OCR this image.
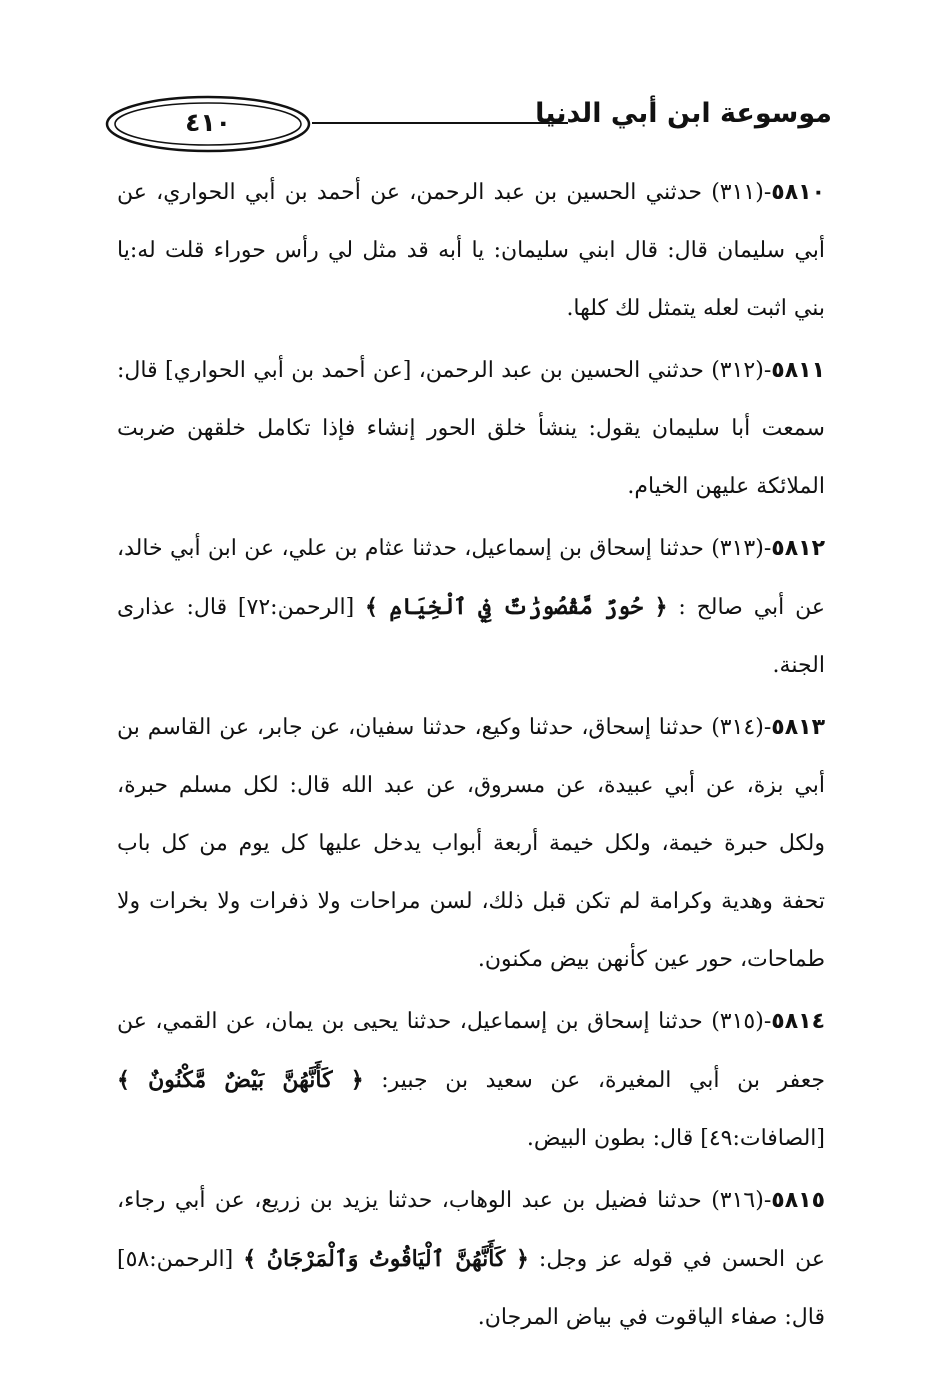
موسوعة ابن أبي الدنيا
٤١٠

٥٨١٠-(٣١١) حدثني الحسين بن عبد الرحمن، عن أحمد بن أبي الحواري، عن أبي سليمان قال: قال ابني سليمان: يا أبه قد مثل لي رأس حوراء قلت له:يا بني اثبت لعله يتمثل لك كلها.

٥٨١١-(٣١٢) حدثني الحسين بن عبد الرحمن، [عن أحمد بن أبي الحواري] قال: سمعت أبا سليمان يقول: ينشأ خلق الحور إنشاء فإذا تكامل خلقهن ضربت الملائكة عليهن الخيام.

٥٨١٢-(٣١٣) حدثنا إسحاق بن إسماعيل، حدثنا عثام بن علي، عن ابن أبي خالد، عن أبي صالح : ﴿ حُورٌ مَّقْصُورَٰتٌ فِي ٱلْخِيَامِ ﴾ [الرحمن:٧٢] قال: عذارى الجنة.

٥٨١٣-(٣١٤) حدثنا إسحاق، حدثنا وكيع، حدثنا سفيان، عن جابر، عن القاسم بن أبي بزة، عن أبي عبيدة، عن مسروق، عن عبد الله قال: لكل مسلم حبرة، ولكل حبرة خيمة، ولكل خيمة أربعة أبواب يدخل عليها كل يوم من كل باب تحفة وهدية وكرامة لم تكن قبل ذلك، لسن مراحات ولا ذفرات ولا بخرات ولا طماحات، حور عين كأنهن بيض مكنون.

٥٨١٤-(٣١٥) حدثنا إسحاق بن إسماعيل، حدثنا يحيى بن يمان، عن القمي، عن جعفر بن أبي المغيرة، عن سعيد بن جبير: ﴿ كَأَنَّهُنَّ بَيْضٌ مَّكْنُونٌ ﴾ [الصافات:٤٩] قال: بطون البيض.

٥٨١٥-(٣١٦) حدثنا فضيل بن عبد الوهاب، حدثنا يزيد بن زريع، عن أبي رجاء، عن الحسن في قوله عز وجل: ﴿ كَأَنَّهُنَّ ٱلْيَاقُوتُ وَٱلْمَرْجَانُ ﴾ [الرحمن:٥٨] قال: صفاء الياقوت في بياض المرجان.
